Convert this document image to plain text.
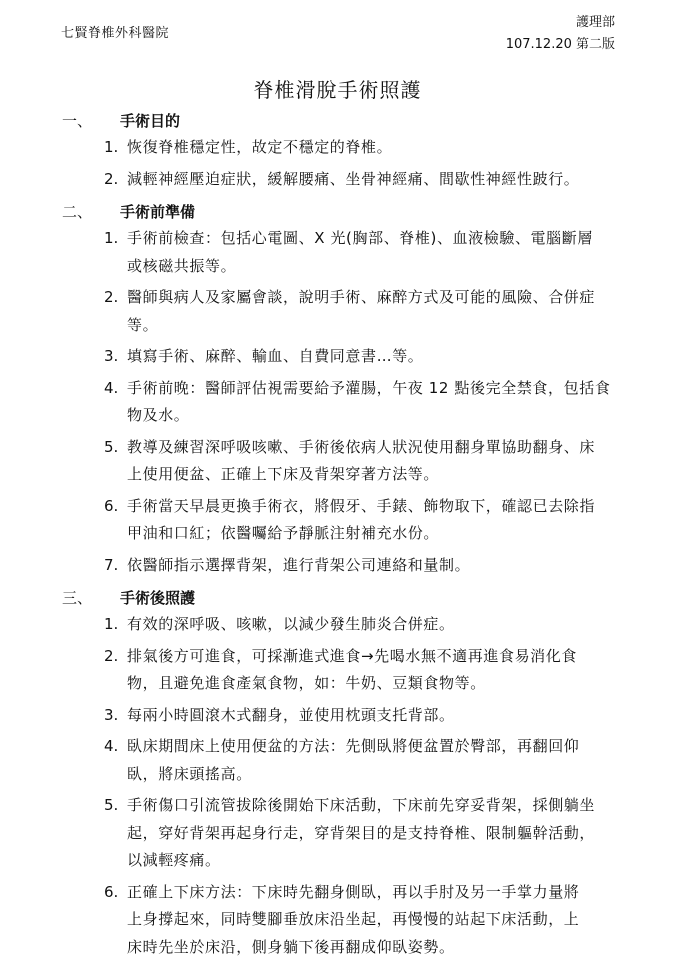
七賢脊椎外科醫院
護理部
107.12.20 第二版
脊椎滑脫手術照護
一、 手術目的
1. 恢復脊椎穩定性，故定不穩定的脊椎。
2. 減輕神經壓迫症狀，緩解腰痛、坐骨神經痛、間歇性神經性跛行。
二、 手術前準備
1. 手術前檢查：包括心電圖、X 光(胸部、脊椎)、血液檢驗、電腦斷層
或核磁共振等。
2. 醫師與病人及家屬會談，說明手術、麻醉方式及可能的風險、合併症
等。
3. 填寫手術、麻醉、輸血、自費同意書…等。
4. 手術前晚：醫師評估視需要給予灌腸，午夜 12 點後完全禁食，包括食
物及水。
5. 教導及練習深呼吸咳嗽、手術後依病人狀況使用翻身單協助翻身、床
上使用便盆、正確上下床及背架穿著方法等。
6. 手術當天早晨更換手術衣，將假牙、手錶、飾物取下，確認已去除指
甲油和口紅；依醫囑給予靜脈注射補充水份。
7. 依醫師指示選擇背架，進行背架公司連絡和量制。
三、 手術後照護
1. 有效的深呼吸、咳嗽，以減少發生肺炎合併症。
2. 排氣後方可進食，可採漸進式進食→先喝水無不適再進食易消化食
物，且避免進食產氣食物，如：牛奶、豆類食物等。
3. 每兩小時圓滾木式翻身，並使用枕頭支托背部。
4. 臥床期間床上使用便盆的方法：先側臥將便盆置於臀部，再翻回仰
臥，將床頭搖高。
5. 手術傷口引流管拔除後開始下床活動，下床前先穿妥背架，採側躺坐
起，穿好背架再起身行走，穿背架目的是支持脊椎、限制軀幹活動，
以減輕疼痛。
6. 正確上下床方法：下床時先翻身側臥，再以手肘及另一手掌力量將
上身撐起來，同時雙腳垂放床沿坐起，再慢慢的站起下床活動，上
床時先坐於床沿，側身躺下後再翻成仰臥姿勢。
